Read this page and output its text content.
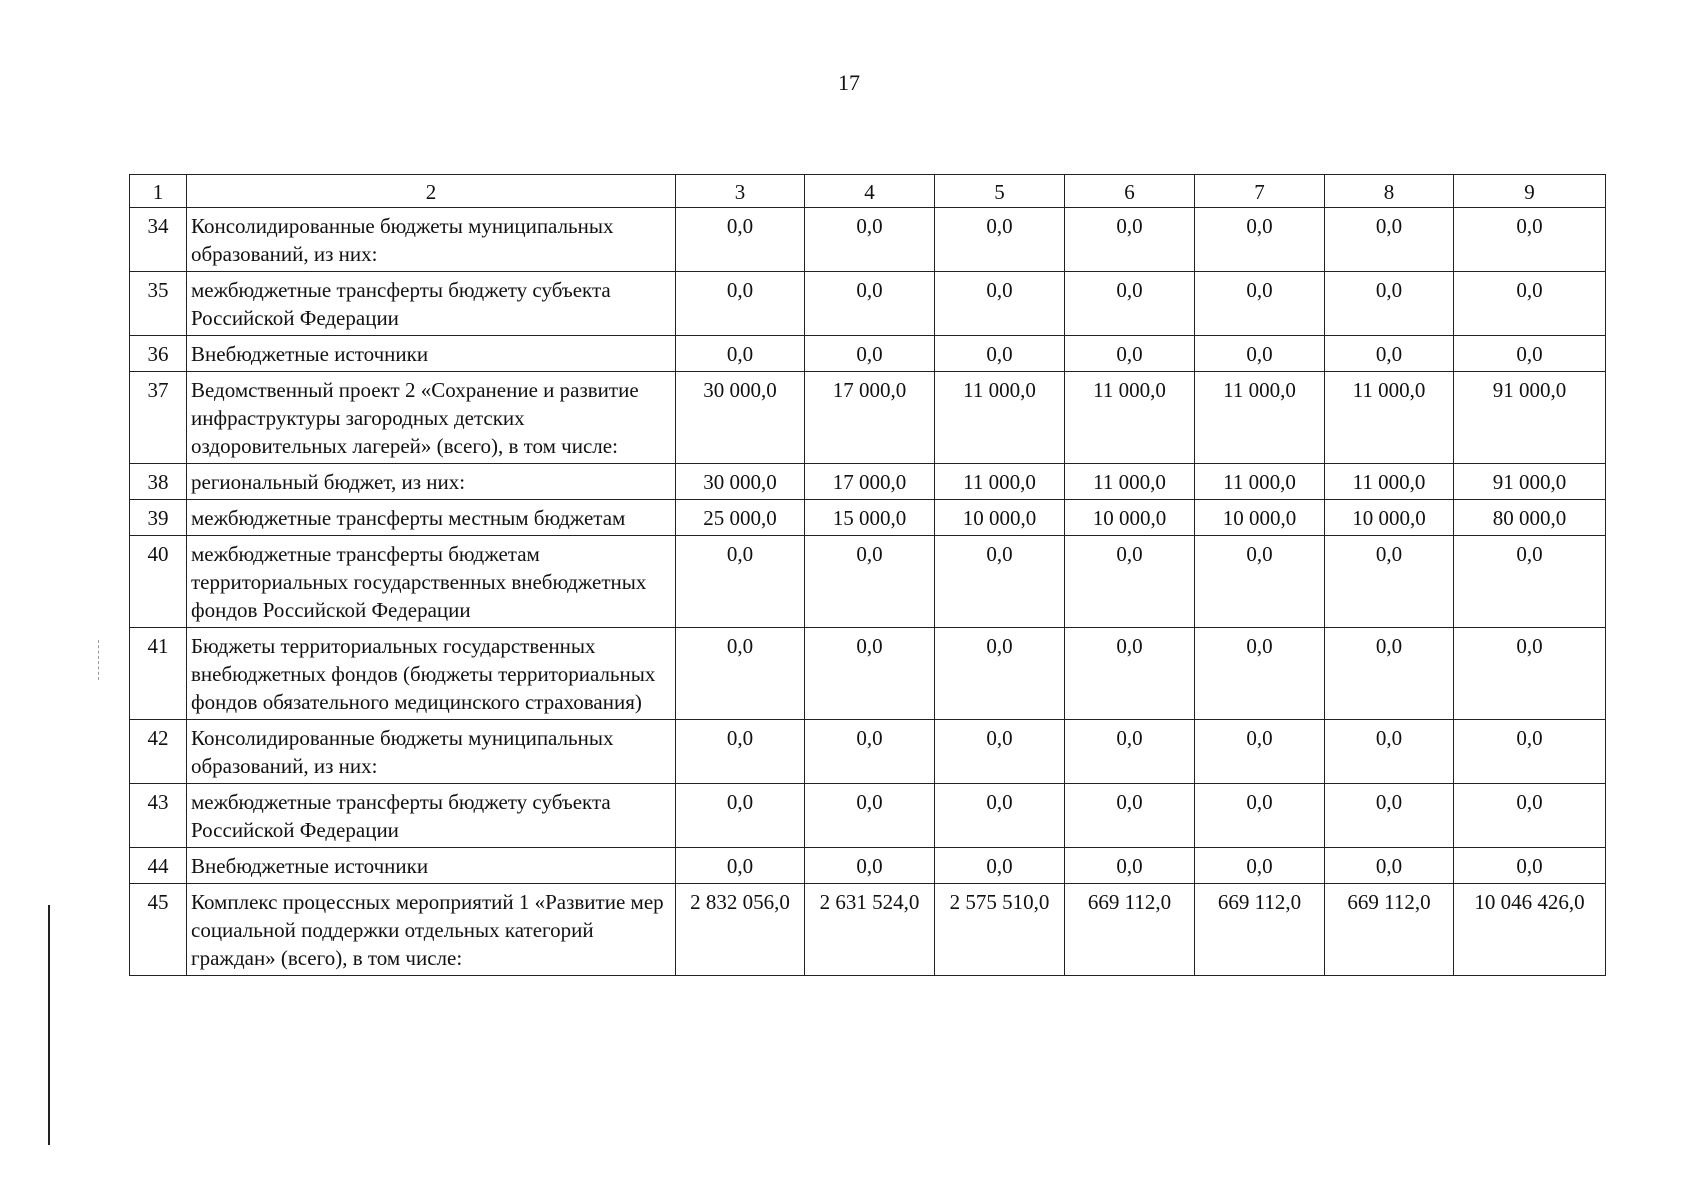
17
1	2	3	4	5	6	7	8	9
34	Консолидированные бюджеты муниципальных образований, из них:	0,0	0,0	0,0	0,0	0,0	0,0	0,0
35	межбюджетные трансферты бюджету субъекта Российской Федерации	0,0	0,0	0,0	0,0	0,0	0,0	0,0
36	Внебюджетные источники	0,0	0,0	0,0	0,0	0,0	0,0	0,0
37	Ведомственный проект 2 «Сохранение и развитие инфраструктуры загородных детских оздоровительных лагерей» (всего), в том числе:	30 000,0	17 000,0	11 000,0	11 000,0	11 000,0	11 000,0	91 000,0
38	региональный бюджет, из них:	30 000,0	17 000,0	11 000,0	11 000,0	11 000,0	11 000,0	91 000,0
39	межбюджетные трансферты местным бюджетам	25 000,0	15 000,0	10 000,0	10 000,0	10 000,0	10 000,0	80 000,0
40	межбюджетные трансферты бюджетам территориальных государственных внебюджетных фондов Российской Федерации	0,0	0,0	0,0	0,0	0,0	0,0	0,0
41	Бюджеты территориальных государственных внебюджетных фондов (бюджеты территориальных фондов обязательного медицинского страхования)	0,0	0,0	0,0	0,0	0,0	0,0	0,0
42	Консолидированные бюджеты муниципальных образований, из них:	0,0	0,0	0,0	0,0	0,0	0,0	0,0
43	межбюджетные трансферты бюджету субъекта Российской Федерации	0,0	0,0	0,0	0,0	0,0	0,0	0,0
44	Внебюджетные источники	0,0	0,0	0,0	0,0	0,0	0,0	0,0
45	Комплекс процессных мероприятий 1 «Развитие мер социальной поддержки отдельных категорий граждан» (всего), в том числе:	2 832 056,0	2 631 524,0	2 575 510,0	669 112,0	669 112,0	669 112,0	10 046 426,0
